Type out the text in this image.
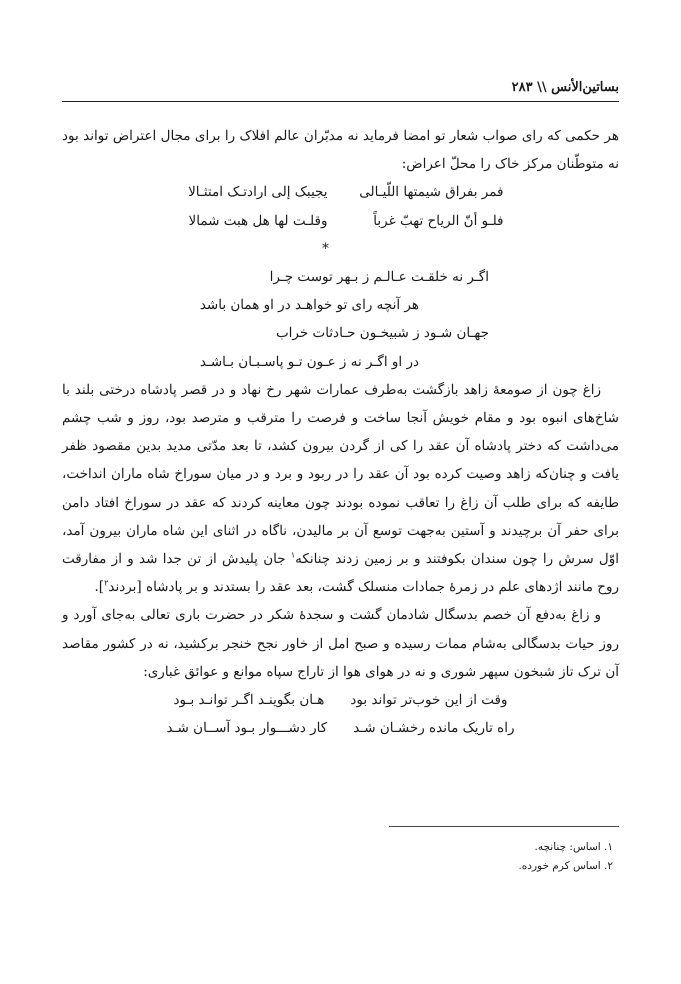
بساتین‌الأنس \\ ۲۸۳

هر حکمی که رای صواب شعار تو امضا فرماید نه مدبّران عالم افلاک را برای مجال اعتراض تواند بود نه متوطّنان مرکز خاک را محلّ اعراض:

فمر بفراق شیمتها اللّیـالی
یجیبک إلى ارادتـک امتثـالا
فلـو أنّ الریاح تهبّ غرباً
وقلـت لها هل هبت شمالا
*
اگـر نه خلقـت عـالـم ز بـهر توست چـرا
هر آنچه رای تو خواهـد در او همان باشد
جهـان شـود ز شبیخـون حـادثات خراب
در او اگـر نه ز عـون تـو پاسـبـان بـاشـد

زاغ چون از صومعهٔ زاهد بازگشت به‌طرف عمارات شهر رخ نهاد و در قصر پادشاه درختی بلند با شاخ‌های انبوه بود و مقام خویش آنجا ساخت و فرصت را مترقب و مترصد بود، روز و شب چشم می‌داشت که دختر پادشاه آن عقد را کی از گردن بیرون کشد، تا بعد مدّتی مدید بدین مقصود ظفر یافت و چنان‌که زاهد وصیت کرده بود آن عقد را در ربود و برد و در میان سوراخ شاه ماران انداخت، طایفه که برای طلب آن زاغ را تعاقب نموده بودند چون معاینه کردند که عقد در سوراخ افتاد دامن برای حفر آن برچیدند و آستین به‌جهت توسع آن بر مالیدن، ناگاه در اثنای این شاه ماران بیرون آمد، اوّل سرش را چون سندان بکوفتند و بر زمین زدند چنانکه$^۱$ جان پلیدش از تن جدا شد و از مفارقت روح مانند اژدهای علم در زمرهٔ جمادات منسلک گشت، بعد عقد را بستدند و بر پادشاه [بردند$^۲$].

و زاغ به‌دفع آن خصم بدسگال شادمان گشت و سجدهٔ شکر در حضرت باری تعالی به‌جای آورد و روز حیات بدسگالی به‌شام ممات رسیده و صبح امل از خاور نجح خنجر برکشید، نه در کشور مقاصد آن ترک تاز شبخون سپهر شوری و نه در هوای هوا از تاراج سپاه موانع و عوائق غباری:

وقت از این خوب‌تر تواند بود
هـان بگوینـد اگـر توانـد بـود
راه تاریک مانده رخشـان شـد
کار دشـــوار بـود آســان شـد
۱. اساس: چنانچه.
۲. اساس کرم خورده.
